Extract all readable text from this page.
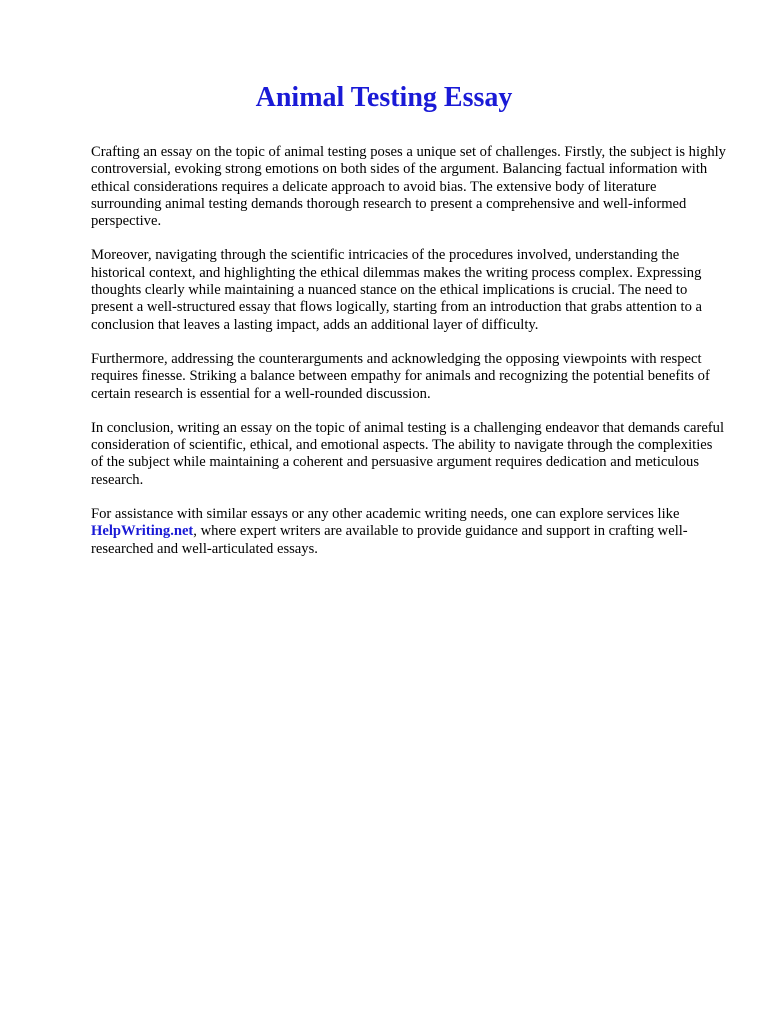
Animal Testing Essay

Crafting an essay on the topic of animal testing poses a unique set of challenges. Firstly, the subject is highly controversial, evoking strong emotions on both sides of the argument. Balancing factual information with ethical considerations requires a delicate approach to avoid bias. The extensive body of literature surrounding animal testing demands thorough research to present a comprehensive and well-informed perspective.

Moreover, navigating through the scientific intricacies of the procedures involved, understanding the historical context, and highlighting the ethical dilemmas makes the writing process complex. Expressing thoughts clearly while maintaining a nuanced stance on the ethical implications is crucial. The need to present a well-structured essay that flows logically, starting from an introduction that grabs attention to a conclusion that leaves a lasting impact, adds an additional layer of difficulty.

Furthermore, addressing the counterarguments and acknowledging the opposing viewpoints with respect requires finesse. Striking a balance between empathy for animals and recognizing the potential benefits of certain research is essential for a well-rounded discussion.

In conclusion, writing an essay on the topic of animal testing is a challenging endeavor that demands careful consideration of scientific, ethical, and emotional aspects. The ability to navigate through the complexities of the subject while maintaining a coherent and persuasive argument requires dedication and meticulous research.

For assistance with similar essays or any other academic writing needs, one can explore services like HelpWriting.net, where expert writers are available to provide guidance and support in crafting well-researched and well-articulated essays.
